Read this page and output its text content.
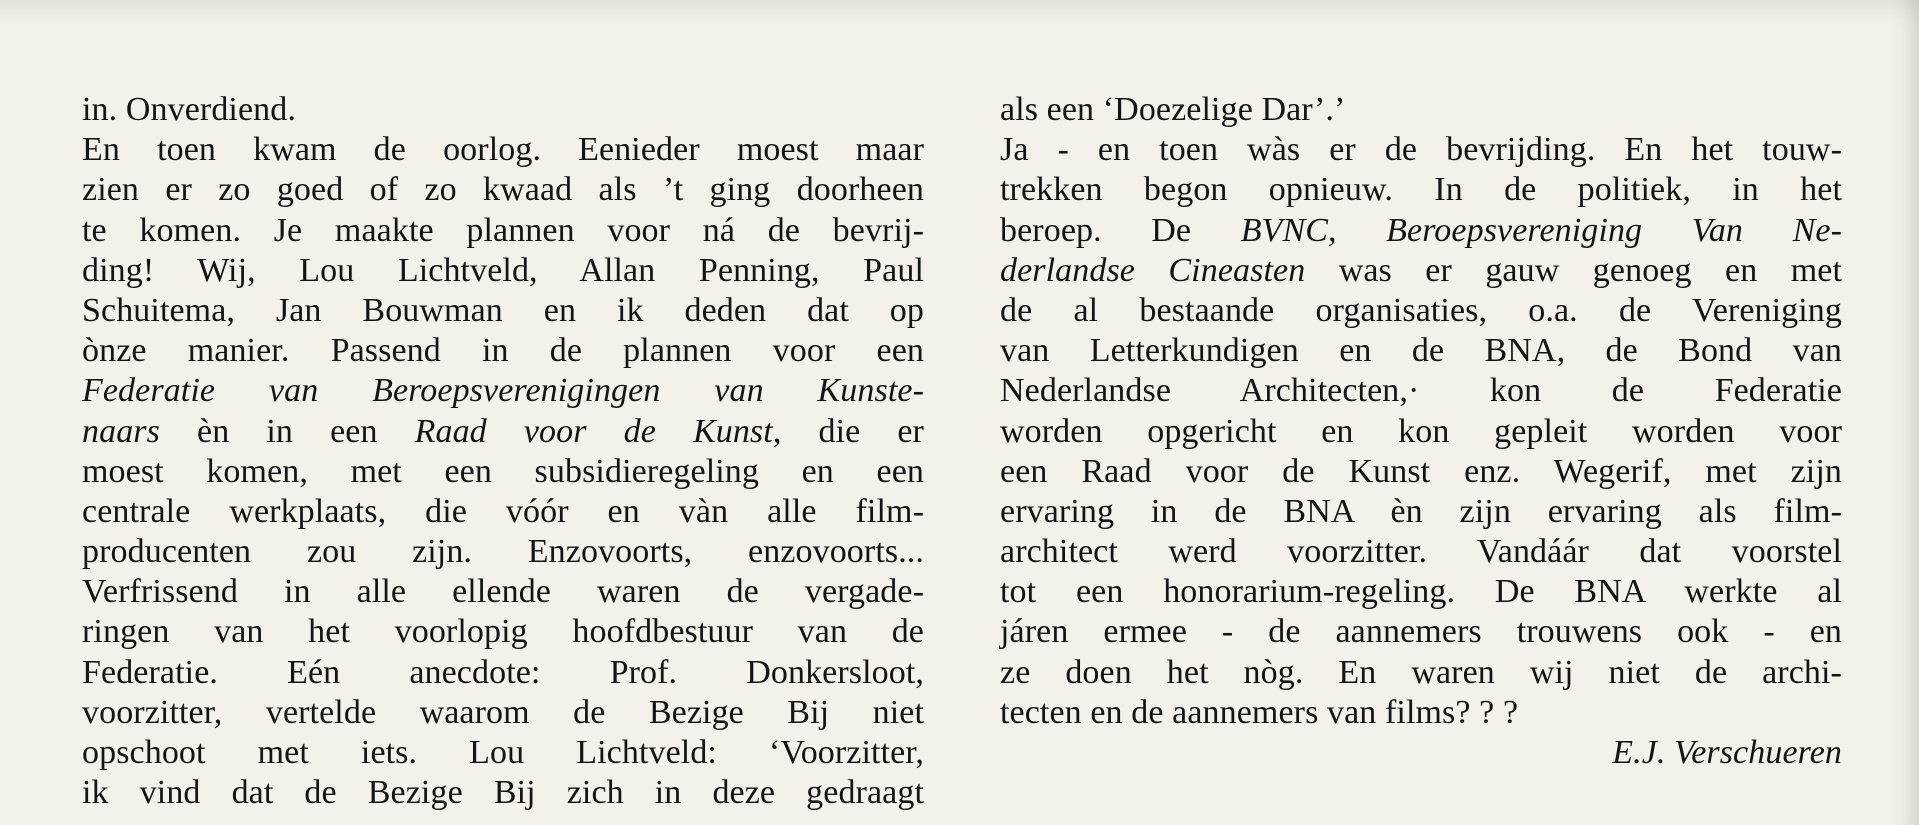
in. Onverdiend.
En toen kwam de oorlog. Eenieder moest maar
zien er zo goed of zo kwaad als ’t ging doorheen
te komen. Je maakte plannen voor ná de bevrij-
ding! Wij, Lou Lichtveld, Allan Penning, Paul
Schuitema, Jan Bouwman en ik deden dat op
ònze manier. Passend in de plannen voor een
Federatie van Beroepsverenigingen van Kunste-
naars èn in een Raad voor de Kunst, die er
moest komen, met een subsidieregeling en een
centrale werkplaats, die vóór en vàn alle film-
producenten zou zijn. Enzovoorts, enzovoorts...
Verfrissend in alle ellende waren de vergade-
ringen van het voorlopig hoofdbestuur van de
Federatie. Eén anecdote: Prof. Donkersloot,
voorzitter, vertelde waarom de Bezige Bij niet
opschoot met iets. Lou Lichtveld: ‘Voorzitter,
ik vind dat de Bezige Bij zich in deze gedraagt
als een ‘Doezelige Dar’.’
Ja - en toen wàs er de bevrijding. En het touw-
trekken begon opnieuw. In de politiek, in het
beroep. De BVNC, Beroepsvereniging Van Ne-
derlandse Cineasten was er gauw genoeg en met
de al bestaande organisaties, o.a. de Vereniging
van Letterkundigen en de BNA, de Bond van
Nederlandse Architecten,· kon de Federatie
worden opgericht en kon gepleit worden voor
een Raad voor de Kunst enz. Wegerif, met zijn
ervaring in de BNA èn zijn ervaring als film-
architect werd voorzitter. Vandáár dat voorstel
tot een honorarium-regeling. De BNA werkte al
járen ermee - de aannemers trouwens ook - en
ze doen het nòg. En waren wij niet de archi-
tecten en de aannemers van films? ? ?
E.J. Verschueren
